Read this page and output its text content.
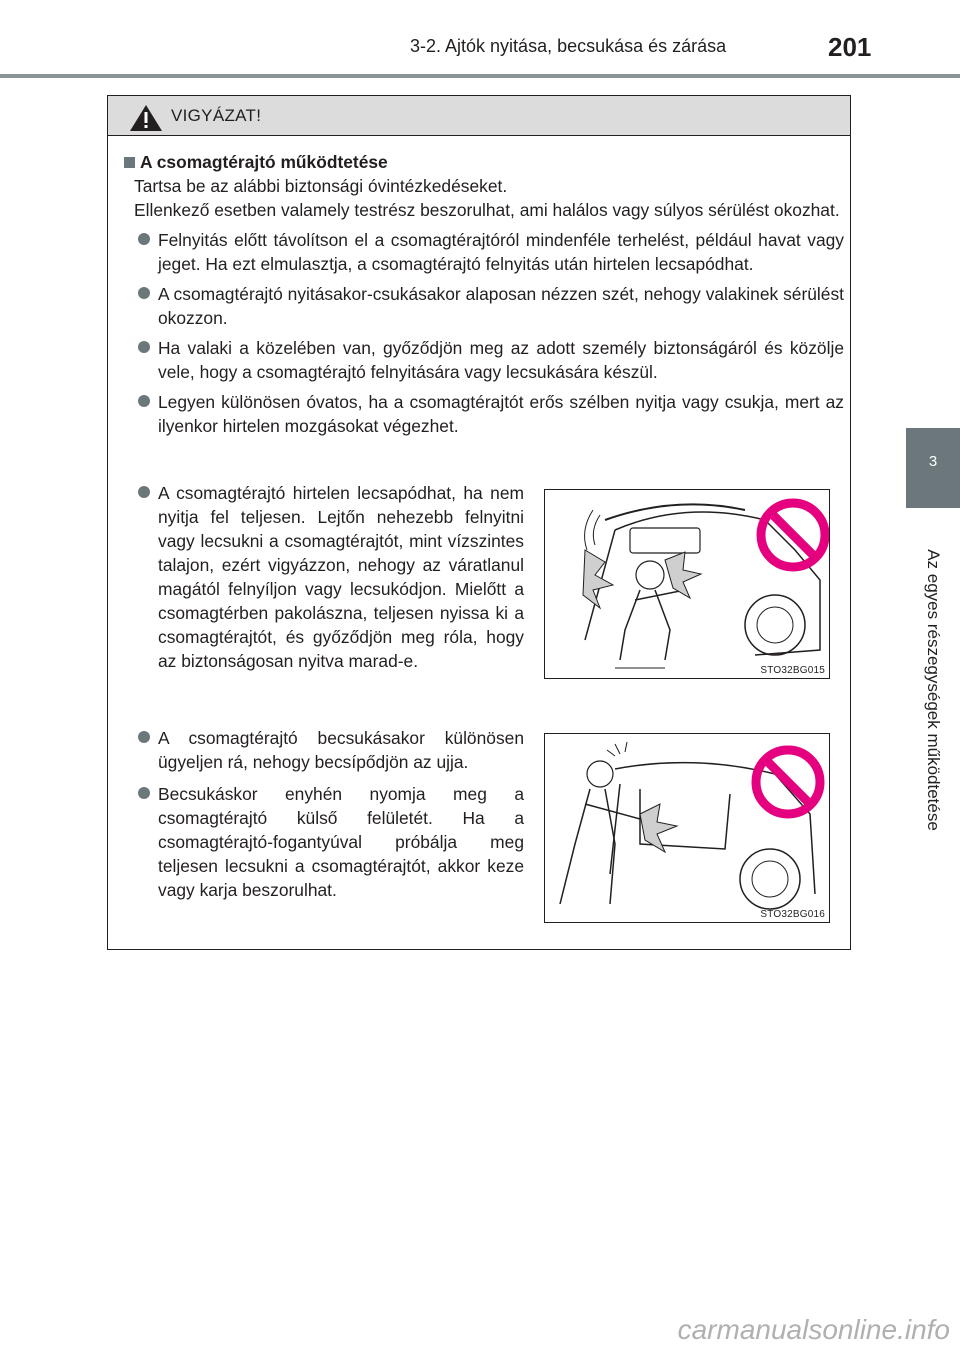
3-2. Ajtók nyitása, becsukása és zárása	201
3
Az egyes részegységek működtetése
VIGYÁZAT!
A csomagtérajtó működtetése
Tartsa be az alábbi biztonsági óvintézkedéseket.
Ellenkező esetben valamely testrész beszorulhat, ami halálos vagy súlyos sérülést okozhat.
Felnyitás előtt távolítson el a csomagtérajtóról mindenféle terhelést, például havat vagy jeget. Ha ezt elmulasztja, a csomagtérajtó felnyitás után hirtelen lecsapódhat.
A csomagtérajtó nyitásakor-csukásakor alaposan nézzen szét, nehogy valakinek sérülést okozzon.
Ha valaki a közelében van, győződjön meg az adott személy biztonságáról és közölje vele, hogy a csomagtérajtó felnyitására vagy lecsukására készül.
Legyen különösen óvatos, ha a csomagtérajtót erős szélben nyitja vagy csukja, mert az ilyenkor hirtelen mozgásokat végezhet.
A csomagtérajtó hirtelen lecsapódhat, ha nem nyitja fel teljesen. Lejtőn nehezebb felnyitni vagy lecsukni a csomagtérajtót, mint vízszintes talajon, ezért vigyázzon, nehogy az váratlanul magától felnyíljon vagy lecsukódjon. Mielőtt a csomagtérben pakolászna, teljesen nyissa ki a csomagtérajtót, és győződjön meg róla, hogy az biztonságosan nyitva marad-e.	STO32BG015
A csomagtérajtó becsukásakor különösen ügyeljen rá, nehogy becsípődjön az ujja.
Becsukáskor enyhén nyomja meg a csomagtérajtó külső felületét. Ha a csomagtérajtó-fogantyúval próbálja meg teljesen lecsukni a csomagtérajtót, akkor keze vagy karja beszorulhat.
STO32BG016
carmanualsonline.info
